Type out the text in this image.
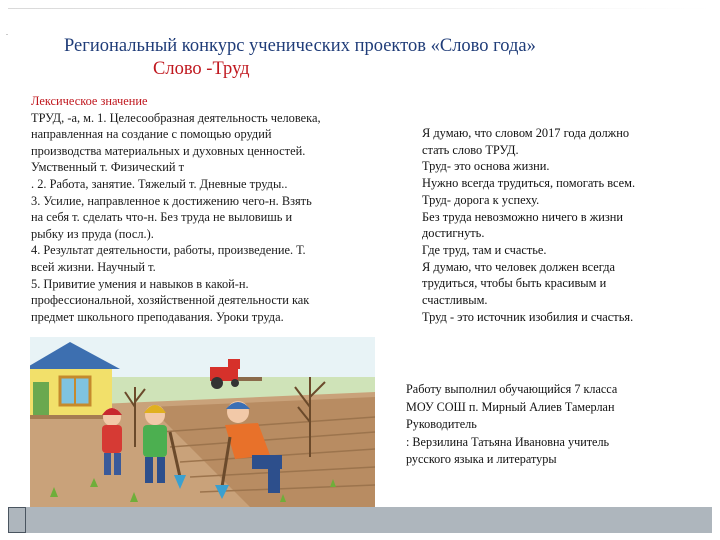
.
Региональный конкурс ученических проектов «Слово года»
Слово -Труд
Лексическое значение
ТРУД, -а, м. 1. Целесообразная деятельность человека,
направленная на создание с помощью орудий
производства материальных и духовных ценностей.
Умственный т. Физический т
. 2. Работа, занятие. Тяжелый т. Дневные труды..
3. Усилие, направленное к достижению чего-н. Взять
на себя т. сделать что-н. Без труда не выловишь и
рыбку из пруда (посл.).
4. Результат деятельности, работы, произведение. Т.
всей жизни. Научный т.
5. Привитие умения и навыков в какой-н.
профессиональной, хозяйственной деятельности как
предмет школьного преподавания. Уроки труда.
Я думаю, что словом 2017 года должно
стать слово ТРУД.
Труд- это основа жизни.
Нужно всегда трудиться, помогать всем.
Труд- дорога к успеху.
Без труда невозможно ничего в жизни
достигнуть.
Где труд, там и счастье.
Я думаю, что человек должен всегда
трудиться, чтобы быть красивым и
счастливым.
Труд - это источник изобилия и счастья.
Работу выполнил обучающийся 7 класса
МОУ СОШ п. Мирный Алиев Тамерлан
Руководитель
: Верзилина Татьяна Ивановна учитель
русского языка и литературы
